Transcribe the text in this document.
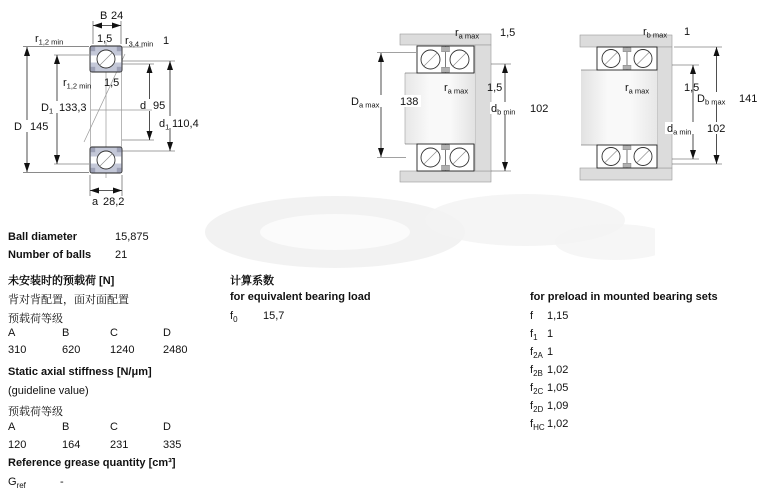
B 24
$r_{1,2 min}$	1,5 $r_{3,4 min}$ 1
$r_{1,2 min}$ 1,5
$D_1$ 133,3
D 145
d 95
$d_1$ 110,4
a 28,2
$r_{a max}$ 1,5
$r_{a max}$ 1,5
$D_{a max}$ 138
$d_{b min}$ 102
$r_{b max}$ 1
$r_{a max}$	1,5
$D_{b max}$ 141
$d_{a min}$ 102
Ball diameter	15,875
Number of balls 21
未安装时的预载荷 [N]
背对背配置，面对面配置
预载荷等级
A	B	C	D
310	620	1240	2480
Static axial stiffness [N/μm]
(guideline value)
预载荷等级
A	B	C	D
120	164	231	335
Reference grease quantity [cm³]
$G_{ref}$	-
计算系数
for equivalent bearing load
$f_0$ 15,7
for preload in mounted bearing sets
f 1,15
$f_1$ 1
$f_{2A}$ 1
$f_{2B}$ 1,02
$f_{2C}$ 1,05
$f_{2D}$ 1,09
$f_{HC}$ 1,02
